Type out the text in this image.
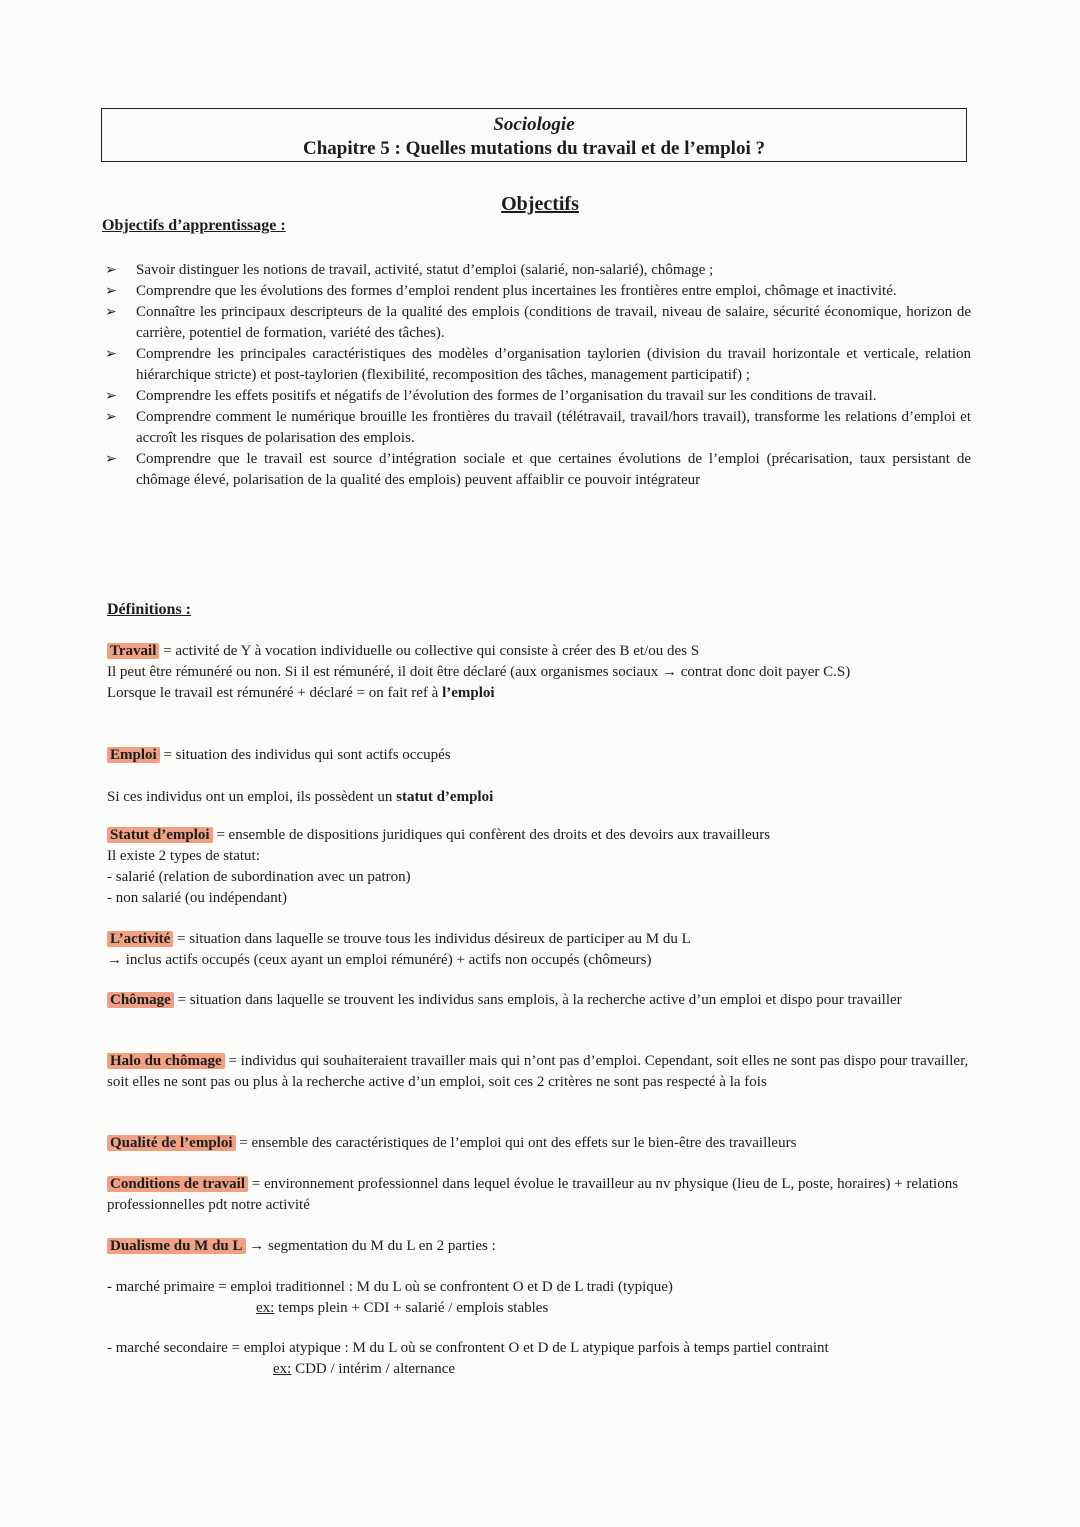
Sociologie
Chapitre 5 : Quelles mutations du travail et de l’emploi ?
Objectifs
Objectifs d’apprentissage :
➢ Savoir distinguer les notions de travail, activité, statut d’emploi (salarié, non-salarié), chômage ;
➢ Comprendre que les évolutions des formes d’emploi rendent plus incertaines les frontières entre emploi, chômage et inactivité.
➢ Connaître les principaux descripteurs de la qualité des emplois (conditions de travail, niveau de salaire, sécurité économique, horizon de carrière, potentiel de formation, variété des tâches).
➢ Comprendre les principales caractéristiques des modèles d’organisation taylorien (division du travail horizontale et verticale, relation hiérarchique stricte) et post-taylorien (flexibilité, recomposition des tâches, management participatif) ;
➢ Comprendre les effets positifs et négatifs de l’évolution des formes de l’organisation du travail sur les conditions de travail.
➢ Comprendre comment le numérique brouille les frontières du travail (télétravail, travail/hors travail), transforme les relations d’emploi et accroît les risques de polarisation des emplois.
➢ Comprendre que le travail est source d’intégration sociale et que certaines évolutions de l’emploi (précarisation, taux persistant de chômage élevé, polarisation de la qualité des emplois) peuvent affaiblir ce pouvoir intégrateur
Définitions :
Travail = activité de Y à vocation individuelle ou collective qui consiste à créer des B et/ou des S
Il peut être rémunéré ou non. Si il est rémunéré, il doit être déclaré (aux organismes sociaux → contrat donc doit payer C.S)
Lorsque le travail est rémunéré + déclaré = on fait ref à l’emploi
Emploi = situation des individus qui sont actifs occupés

Si ces individus ont un emploi, ils possèdent un statut d’emploi
Statut d’emploi = ensemble de dispositions juridiques qui confèrent des droits et des devoirs aux travailleurs
Il existe 2 types de statut:
- salarié (relation de subordination avec un patron)
- non salarié (ou indépendant)
L’activité = situation dans laquelle se trouve tous les individus désireux de participer au M du L
→ inclus actifs occupés (ceux ayant un emploi rémunéré) + actifs non occupés (chômeurs)
Chômage = situation dans laquelle se trouvent les individus sans emplois, à la recherche active d’un emploi et dispo pour travailler
Halo du chômage = individus qui souhaiteraient travailler mais qui n’ont pas d’emploi. Cependant, soit elles ne sont pas dispo pour travailler, soit elles ne sont pas ou plus à la recherche active d’un emploi, soit ces 2 critères ne sont pas respecté à la fois
Qualité de l’emploi = ensemble des caractéristiques de l’emploi qui ont des effets sur le bien-être des travailleurs
Conditions de travail = environnement professionnel dans lequel évolue le travailleur au nv physique (lieu de L, poste, horaires) + relations professionnelles pdt notre activité
Dualisme du M du L → segmentation du M du L en 2 parties :
- marché primaire = emploi traditionnel : M du L où se confrontent O et D de L tradi (typique)
ex: temps plein + CDI + salarié / emplois stables
- marché secondaire = emploi atypique : M du L où se confrontent O et D de L atypique parfois à temps partiel contraint
ex: CDD / intérim / alternance
